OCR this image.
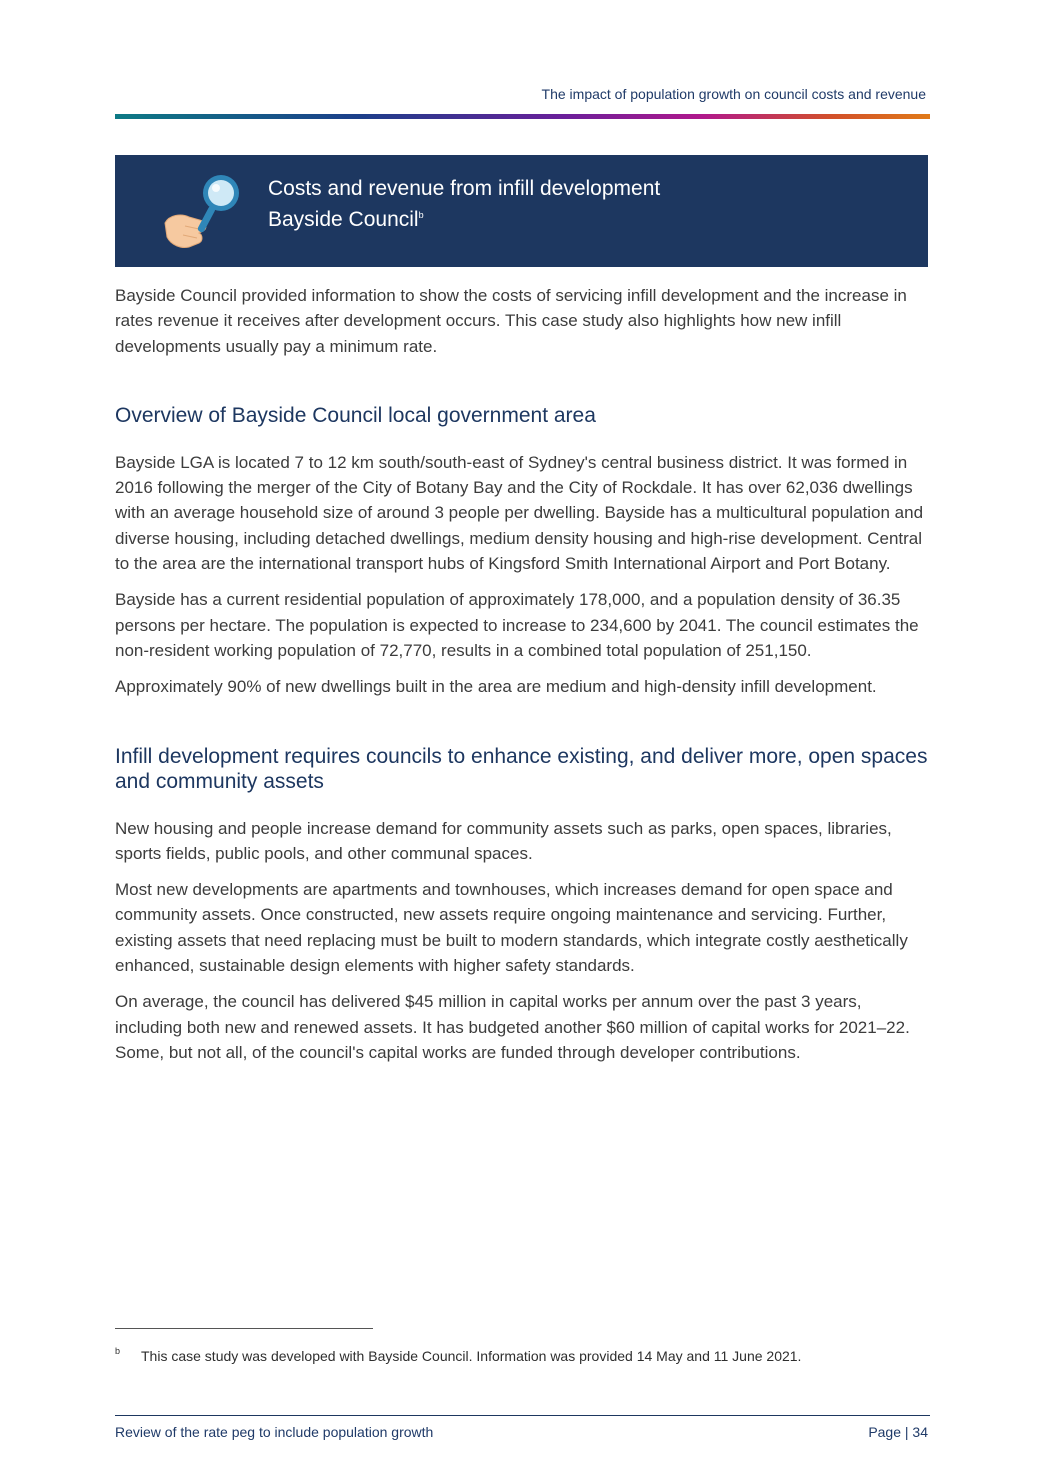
The impact of population growth on council costs and revenue
Costs and revenue from infill development
Bayside Council$^b$

Bayside Council provided information to show the costs of servicing infill development and the increase in rates revenue it receives after development occurs. This case study also highlights how new infill developments usually pay a minimum rate.

Overview of Bayside Council local government area

Bayside LGA is located 7 to 12 km south/south-east of Sydney's central business district. It was formed in 2016 following the merger of the City of Botany Bay and the City of Rockdale. It has over 62,036 dwellings with an average household size of around 3 people per dwelling. Bayside has a multicultural population and diverse housing, including detached dwellings, medium density housing and high-rise development. Central to the area are the international transport hubs of Kingsford Smith International Airport and Port Botany.

Bayside has a current residential population of approximately 178,000, and a population density of 36.35 persons per hectare. The population is expected to increase to 234,600 by 2041. The council estimates the non-resident working population of 72,770, results in a combined total population of 251,150.

Approximately 90% of new dwellings built in the area are medium and high-density infill development.

Infill development requires councils to enhance existing, and deliver more, open spaces and community assets

New housing and people increase demand for community assets such as parks, open spaces, libraries, sports fields, public pools, and other communal spaces.

Most new developments are apartments and townhouses, which increases demand for open space and community assets. Once constructed, new assets require ongoing maintenance and servicing. Further, existing assets that need replacing must be built to modern standards, which integrate costly aesthetically enhanced, sustainable design elements with higher safety standards.

On average, the council has delivered $45 million in capital works per annum over the past 3 years, including both new and renewed assets. It has budgeted another $60 million of capital works for 2021–22. Some, but not all, of the council's capital works are funded through developer contributions.

b This case study was developed with Bayside Council. Information was provided 14 May and 11 June 2021.
Review of the rate peg to include population growth	Page | 34
